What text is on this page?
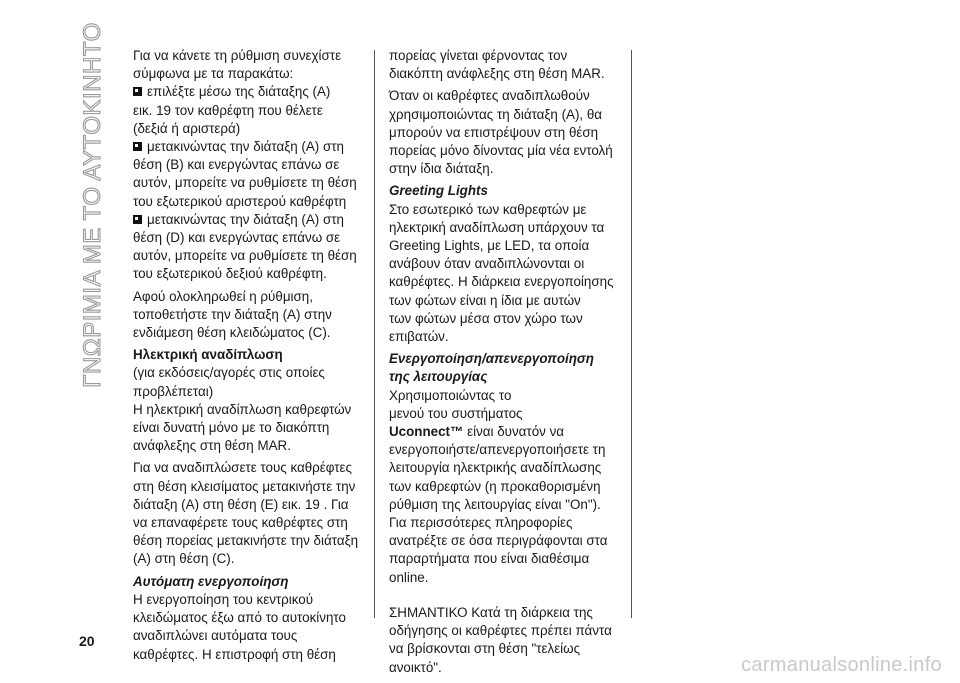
ΓΝΩΡΙΜΙΑ ΜΕ ΤΟ ΑΥΤΟΚΙΝΗΤΟ Για να κάνετε τη ρύθμιση συνεχίστε
σύμφωνα με τα παρακάτω:
επιλέξτε μέσω της διάταξης (A)
εικ. 19 τον καθρέφτη που θέλετε
(δεξιά ή αριστερά)
μετακινώντας την διάταξη (A) στη
θέση (B) και ενεργώντας επάνω σε
αυτόν, μπορείτε να ρυθμίσετε τη θέση
του εξωτερικού αριστερού καθρέφτη
μετακινώντας την διάταξη (A) στη
θέση (D) και ενεργώντας επάνω σε
αυτόν, μπορείτε να ρυθμίσετε τη θέση
του εξωτερικού δεξιού καθρέφτη.
Αφού ολοκληρωθεί η ρύθμιση,
τοποθετήστε την διάταξη (A) στην
ενδιάμεση θέση κλειδώματος (C).
Ηλεκτρική αναδίπλωση
(για εκδόσεις/αγορές στις οποίες
προβλέπεται)
Η ηλεκτρική αναδίπλωση καθρεφτών
είναι δυνατή μόνο με το διακόπτη
ανάφλεξης στη θέση MAR.
Για να αναδιπλώσετε τους καθρέφτες
στη θέση κλεισίματος μετακινήστε την
διάταξη (A) στη θέση (E) εικ. 19 . Για
να επαναφέρετε τους καθρέφτες στη
θέση πορείας μετακινήστε την διάταξη
(A) στη θέση (C).
Αυτόματη ενεργοποίηση
Η ενεργοποίηση του κεντρικού
κλειδώματος έξω από το αυτοκίνητο
αναδιπλώνει αυτόματα τους
καθρέφτες. Η επιστροφή στη θέση
πορείας γίνεται φέρνοντας τον
διακόπτη ανάφλεξης στη θέση MAR.
Όταν οι καθρέφτες αναδιπλωθούν
χρησιμοποιώντας τη διάταξη (A), θα
μπορούν να επιστρέψουν στη θέση
πορείας μόνο δίνοντας μία νέα εντολή
στην ίδια διάταξη.
Greeting Lights
Στο εσωτερικό των καθρεφτών με
ηλεκτρική αναδίπλωση υπάρχουν τα
Greeting Lights, με LED, τα οποία
ανάβουν όταν αναδιπλώνονται οι
καθρέφτες. Η διάρκεια ενεργοποίησης
των φώτων είναι η ίδια με αυτών
των φώτων μέσα στον χώρο των
επιβατών.
Ενεργοποίηση/απενεργοποίηση
της λειτουργίας
Χρησιμοποιώντας το
μενού του συστήματος
Uconnect™ είναι δυνατόν να
ενεργοποιήστε/απενεργοποιήσετε τη
λειτουργία ηλεκτρικής αναδίπλωσης
των καθρεφτών (η προκαθορισμένη
ρύθμιση της λειτουργίας είναι "On").
Για περισσότερες πληροφορίες
ανατρέξτε σε όσα περιγράφονται στα
παραρτήματα που είναι διαθέσιμα
online.
ΣΗΜΑΝΤΙΚΟ Κατά τη διάρκεια της
οδήγησης οι καθρέφτες πρέπει πάντα
να βρίσκονται στη θέση "τελείως
ανοικτό".
20
carmanualsonline.info
